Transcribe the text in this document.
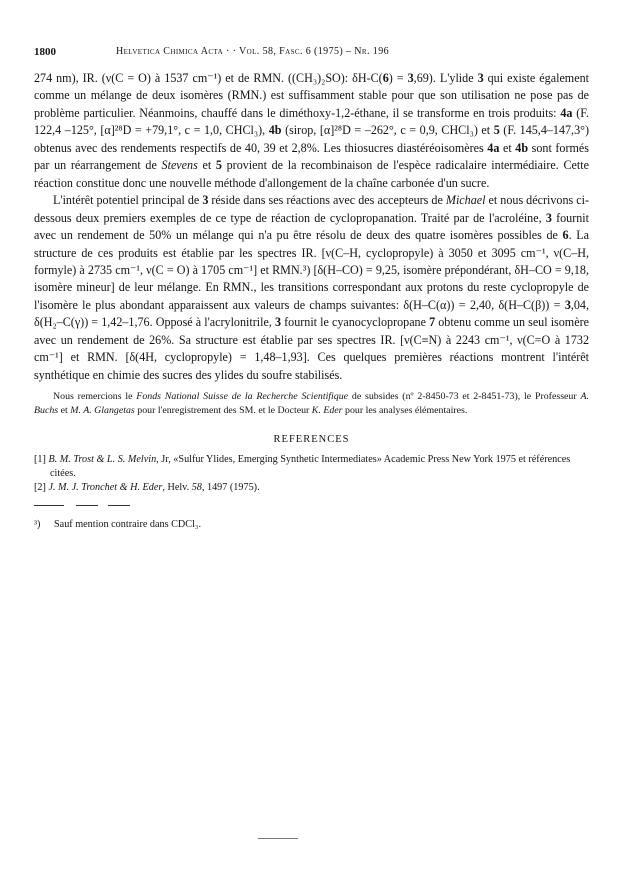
1800	Helvetica Chimica Acta · · Vol. 58, Fasc. 6 (1975) – Nr. 196

274 nm), IR. (ν(C = O) à 1537 cm⁻¹) et de RMN. ((CH₃)₂SO): δH-C(6) = 3,69). L'ylide 3 qui existe également comme un mélange de deux isomères (RMN.) est suffisamment stable pour que son utilisation ne pose pas de problème particulier. Néanmoins, chauffé dans le diméthoxy-1,2-éthane, il se transforme en trois produits: 4a (F. 122,4 –125°, [α]²⁸D = +79,1°, c = 1,0, CHCl₃), 4b (sirop, [α]²⁸D = –262°, c = 0,9, CHCl₃) et 5 (F. 145,4–147,3°) obtenus avec des rendements respectifs de 40, 39 et 2,8%. Les thiosucres diastéréoisomères 4a et 4b sont formés par un réarrangement de Stevens et 5 provient de la recombinaison de l'espèce radicalaire intermédiaire. Cette réaction constitue donc une nouvelle méthode d'allongement de la chaîne carbonée d'un sucre.

L'intérêt potentiel principal de 3 réside dans ses réactions avec des accepteurs de Michael et nous décrivons ci-dessous deux premiers exemples de ce type de réaction de cyclopropanation. Traité par de l'acroléine, 3 fournit avec un rendement de 50% un mélange qui n'a pu être résolu de deux des quatre isomères possibles de 6. La structure de ces produits est établie par les spectres IR. [ν(C–H, cyclopropyle) à 3050 et 3095 cm⁻¹, ν(C–H, formyle) à 2735 cm⁻¹, ν(C = O) à 1705 cm⁻¹] et RMN.³) [δ(H–CO) = 9,25, isomère prépondérant, δH–CO = 9,18, isomère mineur] de leur mélange. En RMN., les transitions correspondant aux protons du reste cyclopropyle de l'isomère le plus abondant apparaissent aux valeurs de champs suivantes: δ(H–C(α)) = 2,40, δ(H–C(β)) = 3,04, δ(H₂–C(γ)) = 1,42–1,76. Opposé à l'acrylonitrile, 3 fournit le cyanocyclopropane 7 obtenu comme un seul isomère avec un rendement de 26%. Sa structure est établie par ses spectres IR. [ν(C≡N) à 2243 cm⁻¹, ν(C=O à 1732 cm⁻¹] et RMN. [δ(4H, cyclopropyle) = 1,48–1,93]. Ces quelques premières réactions montrent l'intérêt synthétique en chimie des sucres des ylides du soufre stabilisés.

Nous remercions le Fonds National Suisse de la Recherche Scientifique de subsides (nº 2-8450-73 et 2-8451-73), le Professeur A. Buchs et M. A. Glangetas pour l'enregistrement des SM. et le Docteur K. Eder pour les analyses élémentaires.
REFERENCES
[1] B. M. Trost & L. S. Melvin, Jr, «Sulfur Ylides, Emerging Synthetic Intermediates» Academic Press New York 1975 et références citées.
[2] J. M. J. Tronchet & H. Eder, Helv. 58, 1497 (1975).
³) Sauf mention contraire dans CDCl₃.
